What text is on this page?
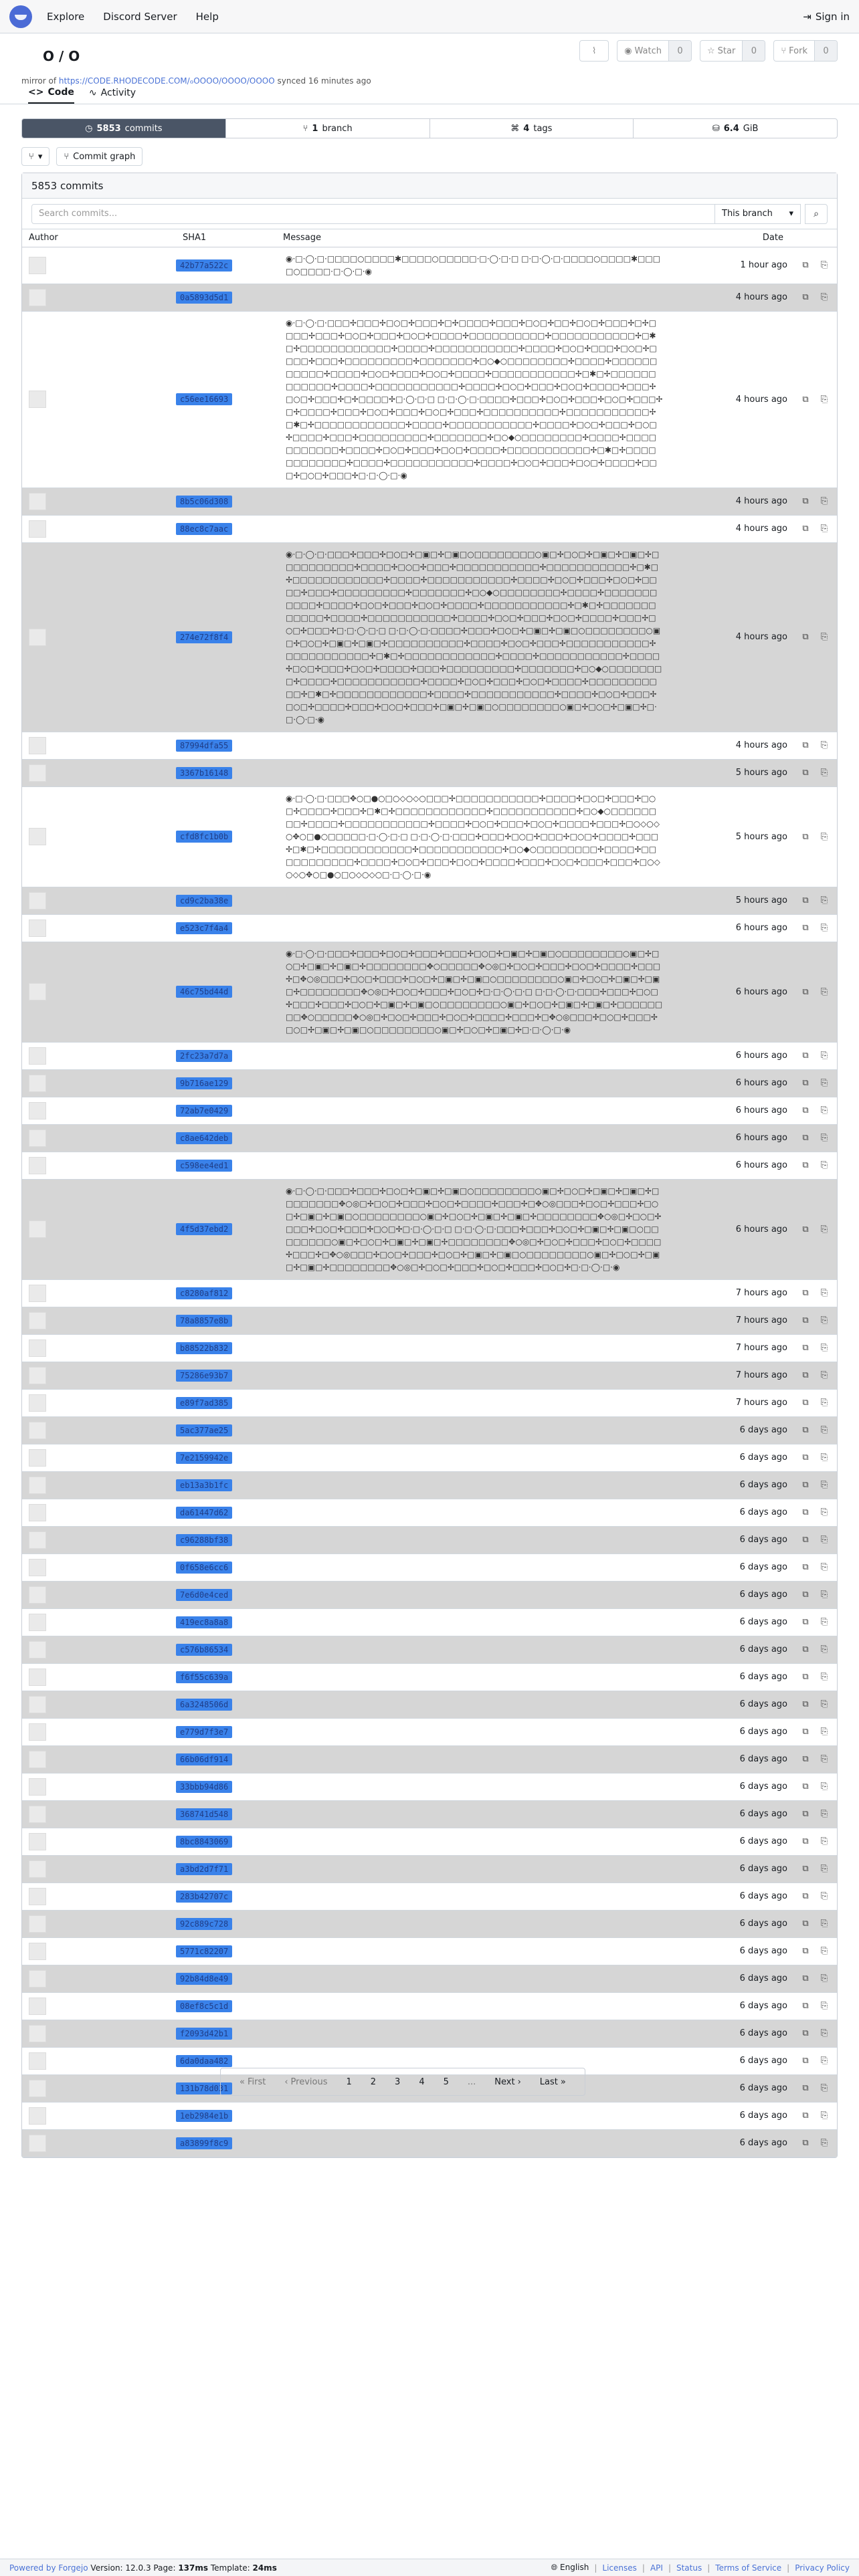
Explore Discord Server Help	⇥ Sign in
O / O
mirror of https://CODE.RHODECODE.COM/ℴOOOO/OOOO/OOOO synced 16 minutes ago
⌇	◉ Watch	0	☆ Star	0	⑂ Fork	0
<> Code ∿ Activity
◷ 5853 commits	⑂ 1 branch	⌘ 4 tags	⛁ 6.4 GiB
⑂ ▾ ⑂ Commit graph
5853 commits
Search commits...	This branch ▾ ⌕
Author	SHA1	Message	Date

	42b77a522c	◉·□·◯·□·□□□□○□□□□✱□□□□○□□□□□·□·◯·□·□ □·□·◯·□·□□□□○□□□□✱□□□□○□□□□·□·◯·□·◉	1 hour ago ⧉ ⎘

	0a5893d5d1		4 hours ago ⧉ ⎘

	c56ee16693	◉·□·◯·□·□□□✢□□□✢□○□✢□□□✢□✢□□□□✢□□□✢□○□✢□□✢□○□✢□□□✢□✢□□□□✢□□□✢□○□✢□□□✢□○□✢□□□□✢□□□□□□□□□□✢□□□□□□□□□□□✢□✱□✢□□□□□□□□□□□□✢□□□□✢□□□□□□□□□□□✢□□□□✢□○□✢□□□✢□○□✢□□□□✢□□□✢□□□□□□□□□✢□□□□□□□✢□○◆○□□□□□□□□✢□□□□✢□□□□□□□□□□□✢□□□□✢□○□✢□□□✢□○□✢□□□□✢□□□□□□□□□□□✢□✱□✢□□□□□□□□□□□□✢□□□□✢□□□□□□□□□□□✢□□□□✢□○□✢□□□✢□○□✢□□□□✢□□□✢□○□✢□□□✢□✢□□□□✢□·◯·□·□ □·□·◯·□·□□□□✢□□□✢□○□✢□□□✢□○□✢□□□✢□✢□□□□✢□□□✢□○□✢□□□✢□○□✢□□□✢□□□□□□□□□□✢□□□□□□□□□□□✢□✱□✢□□□□□□□□□□□□✢□□□□✢□□□□□□□□□□□✢□□□□✢□○□✢□□□✢□○□✢□□□□✢□□□✢□□□□□□□□□✢□□□□□□□✢□○◆○□□□□□□□□✢□□□□✢□□□□□□□□□□□✢□□□□✢□○□✢□□□✢□○□✢□□□□✢□□□□□□□□□□□✢□✱□✢□□□□□□□□□□□□✢□□□□✢□□□□□□□□□□□✢□□□□✢□○□✢□□□✢□○□✢□□□□✢□□□✢□○□✢□□□✢□·□·◯·□·◉	4 hours ago ⧉ ⎘

	8b5c06d308		4 hours ago ⧉ ⎘

	88ec8c7aac		4 hours ago ⧉ ⎘

	274e72f8f4	◉·□·◯·□·□□□✢□□□✢□○□✢□▣□✢□▣□○□□□□□□□□○▣□✢□○□✢□▣□✢□▣□✢□□□□□□□□□□✢□□□□✢□○□✢□□□✢□□□□□□□□□□□✢□□□□□□□□□□□✢□✱□✢□□□□□□□□□□□□✢□□□□✢□□□□□□□□□□□✢□□□□✢□○□✢□□□✢□○□✢□□□□✢□□□✢□□□□□□□□□✢□□□□□□□✢□○◆○□□□□□□□□✢□□□□✢□□□□□□□□□□□✢□□□□✢□○□✢□□□✢□○□✢□□□□✢□□□□□□□□□□□✢□✱□✢□□□□□□□□□□□□✢□□□□✢□□□□□□□□□□□✢□□□□✢□○□✢□□□✢□○□✢□□□□✢□□□✢□○□✢□□□✢□·□·◯·□·□ □·□·◯·□·□□□□✢□□□✢□○□✢□▣□✢□▣□○□□□□□□□□○▣□✢□○□✢□▣□✢□▣□✢□□□□□□□□□□✢□□□□✢□○□✢□□□✢□□□□□□□□□□□✢□□□□□□□□□□□✢□✱□✢□□□□□□□□□□□□✢□□□□✢□□□□□□□□□□□✢□□□□✢□○□✢□□□✢□○□✢□□□□✢□□□✢□□□□□□□□□✢□□□□□□□✢□○◆○□□□□□□□□✢□□□□✢□□□□□□□□□□□✢□□□□✢□○□✢□□□✢□○□✢□□□□✢□□□□□□□□□□□✢□✱□✢□□□□□□□□□□□□✢□□□□✢□□□□□□□□□□□✢□□□□✢□○□✢□□□✢□○□✢□□□□✢□□□✢□○□✢□□□✢□▣□✢□▣□○□□□□□□□□○▣□✢□○□✢□▣□✢□·□·◯·□·◉	4 hours ago ⧉ ⎘

	87994dfa55		4 hours ago ⧉ ⎘

	3367b16148		5 hours ago ⧉ ⎘

	cfd8fc1b0b	◉·□·◯·□·□□□✥○□●○□○◇○◇○□□□✢□□□□□□□□□□□✢□□□□✢□○□✢□□□✢□○□✢□□□□✢□□□✢□✱□✢□□□□□□□□□□□□✢□□□□□□□□□□□✢□○◆○□□□□□□□□✢□□□□✢□□□□□□□□□□□✢□□□□✢□○□✢□□□✢□○□✢□□□□✢□□□✢□○◇○◇○✥○□●○□□□□□·□·◯·□·□ □·□·◯·□·□□□✢□□□✢□○□✢□□□✢□○□✢□□□□✢□□□✢□✱□✢□□□□□□□□□□□□✢□□□□□□□□□□□✢□○◆○□□□□□□□□✢□□□□✢□□□□□□□□□□□✢□□□□✢□○□✢□□□✢□○□✢□□□□✢□□□✢□○□✢□□□✢□□□✢□○◇○◇○✥○□●○□○◇○◇○□·□·◯·□·◉	5 hours ago ⧉ ⎘

	cd9c2ba38e		5 hours ago ⧉ ⎘

	e523c7f4a4		6 hours ago ⧉ ⎘

	46c75bd44d	◉·□·◯·□·□□□✢□□□✢□○□✢□□□✢□□□✢□○□✢□▣□✢□▣□○□□□□□□□□○▣□✢□○□✢□▣□✢□▣□✢□□□□□□□□✥○□□□□□✥○◎□✢□○□✢□□□✢□○□✢□□□□✢□□□✢□✥○◎□□□✢□○□✢□□□✢□○□✢□▣□✢□▣□○□□□□□□□□○▣□✢□○□✢□▣□✢□▣□✢□□□□□□□□✥○◎□✢□○□✢□□□✢□○□✢□·□·◯·□·□ □·□·◯·□·□□□✢□□□✢□○□✢□□□✢□□□✢□○□✢□▣□✢□▣□○□□□□□□□□○▣□✢□○□✢□▣□✢□▣□✢□□□□□□□□✥○□□□□□✥○◎□✢□○□✢□□□✢□○□✢□□□□✢□□□✢□✥○◎□□□✢□○□✢□□□✢□○□✢□▣□✢□▣□○□□□□□□□□○▣□✢□○□✢□▣□✢□·□·◯·□·◉	6 hours ago ⧉ ⎘

	2fc23a7d7a		6 hours ago ⧉ ⎘

	9b716ae129		6 hours ago ⧉ ⎘

	72ab7e0429		6 hours ago ⧉ ⎘

	c8ae642deb		6 hours ago ⧉ ⎘

	c598ee4ed1		6 hours ago ⧉ ⎘

	4f5d37ebd2	◉·□·◯·□·□□□✢□□□✢□○□✢□▣□✢□▣□○□□□□□□□□○▣□✢□○□✢□▣□✢□▣□✢□□□□□□□□✥○◎□✢□○□✢□□□✢□○□✢□□□□✢□□□✢□✥○◎□□□✢□○□✢□□□✢□○□✢□▣□✢□▣□○□□□□□□□□○▣□✢□○□✢□▣□✢□▣□✢□□□□□□□□✥○◎□✢□○□✢□□□✢□○□✢□□□✢□○□✢□·□·◯·□·□ □·□·◯·□·□□□✢□□□✢□○□✢□▣□✢□▣□○□□□□□□□□○▣□✢□○□✢□▣□✢□▣□✢□□□□□□□□✥○◎□✢□○□✢□□□✢□○□✢□□□□✢□□□✢□✥○◎□□□✢□○□✢□□□✢□○□✢□▣□✢□▣□○□□□□□□□□○▣□✢□○□✢□▣□✢□▣□✢□□□□□□□□✥○◎□✢□○□✢□□□✢□○□✢□□□✢□○□✢□·□·◯·□·◉	6 hours ago ⧉ ⎘

	c8280af812		7 hours ago ⧉ ⎘

	78a8857e8b		7 hours ago ⧉ ⎘

	b88522b832		7 hours ago ⧉ ⎘

	75286e93b7		7 hours ago ⧉ ⎘

	e89f7ad385		7 hours ago ⧉ ⎘

	5ac377ae25		6 days ago ⧉ ⎘

	7e2159942e		6 days ago ⧉ ⎘

	eb13a3b1fc		6 days ago ⧉ ⎘

	da61447d62		6 days ago ⧉ ⎘

	c96288bf38		6 days ago ⧉ ⎘

	0f658e6cc6		6 days ago ⧉ ⎘

	7e6d0e4ced		6 days ago ⧉ ⎘

	419ec8a8a8		6 days ago ⧉ ⎘

	c576b86534		6 days ago ⧉ ⎘

	f6f55c639a		6 days ago ⧉ ⎘

	6a3248506d		6 days ago ⧉ ⎘

	e779d7f3e7		6 days ago ⧉ ⎘

	66b06df914		6 days ago ⧉ ⎘

	33bbb94d86		6 days ago ⧉ ⎘

	368741d548		6 days ago ⧉ ⎘

	8bc8843069		6 days ago ⧉ ⎘

	a3bd2d7f71		6 days ago ⧉ ⎘

	283b42707c		6 days ago ⧉ ⎘

	92c889c728		6 days ago ⧉ ⎘

	5771c82207		6 days ago ⧉ ⎘

	92b84d8e49		6 days ago ⧉ ⎘

	08ef8c5c1d		6 days ago ⧉ ⎘

	f2093d42b1		6 days ago ⧉ ⎘

	6da0daa482		6 days ago ⧉ ⎘

	131b78d031		6 days ago ⧉ ⎘

	1eb2984e1b		6 days ago ⧉ ⎘

	a83899f8c9		6 days ago ⧉ ⎘
« First ‹ Previous	1	2	3	4	5	...	Next › Last »
Powered by Forgejo
Version: 12.0.3 Page:
137ms
Template:
24ms	🌐︎ English | Licenses | API | Status | Terms of Service | Privacy Policy
